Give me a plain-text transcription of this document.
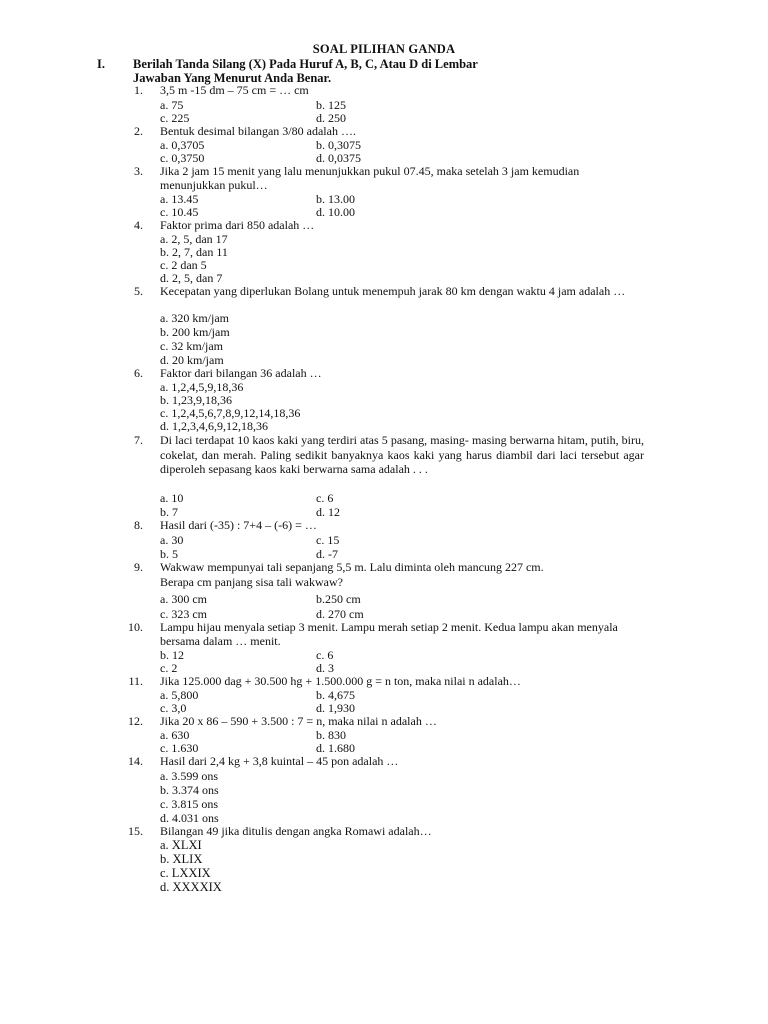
SOAL PILIHAN GANDA
I. Berilah Tanda Silang (X) Pada Huruf A, B, C, Atau D di Lembar
Jawaban Yang Menurut Anda Benar.
1. 3,5 m -15 dm – 75 cm = … cm
a. 75	b. 125
c. 225	d. 250
2. Bentuk desimal bilangan 3/80 adalah ….
a. 0,3705	b. 0,3075
c. 0,3750	d. 0,0375
3. Jika 2 jam 15 menit yang lalu menunjukkan pukul 07.45, maka setelah 3 jam kemudian menunjukkan pukul…
a. 13.45	b. 13.00
c. 10.45	d. 10.00
4. Faktor prima dari 850 adalah …
a. 2, 5, dan 17
b. 2, 7, dan 11
c. 2 dan 5
d. 2, 5, dan 7
5. Kecepatan yang diperlukan Bolang untuk menempuh jarak 80 km dengan waktu 4 jam adalah …
a. 320 km/jam
b. 200 km/jam
c. 32 km/jam
d. 20 km/jam
6. Faktor dari bilangan 36 adalah …
a. 1,2,4,5,9,18,36
b. 1,23,9,18,36
c. 1,2,4,5,6,7,8,9,12,14,18,36
d. 1,2,3,4,6,9,12,18,36
7. Di laci terdapat 10 kaos kaki yang terdiri atas 5 pasang, masing- masing berwarna hitam, putih, biru, cokelat, dan merah. Paling sedikit banyaknya kaos kaki yang harus diambil dari laci tersebut agar diperoleh sepasang kaos kaki berwarna sama adalah . . .
a. 10	c. 6
b. 7	d. 12
8. Hasil dari (-35) : 7+4 – (-6) = …
a. 30	c. 15
b. 5	d. -7
9. Wakwaw mempunyai tali sepanjang 5,5 m. Lalu diminta oleh mancung 227 cm.
Berapa cm panjang sisa tali wakwaw?
a. 300 cm	b.250 cm
c. 323 cm	d. 270 cm
10. Lampu hijau menyala setiap 3 menit. Lampu merah setiap 2 menit. Kedua lampu akan menyala bersama dalam … menit.
b. 12	c. 6
c. 2	d. 3
11. Jika 125.000 dag + 30.500 hg + 1.500.000 g = n ton, maka nilai n adalah…
a. 5,800	b. 4,675
c. 3,0	d. 1,930
12. Jika 20 x 86 – 590 + 3.500 : 7 = n, maka nilai n adalah …
a. 630	b. 830
c. 1.630	d. 1.680
14. Hasil dari 2,4 kg + 3,8 kuintal – 45 pon adalah …
a. 3.599 ons
b. 3.374 ons
c. 3.815 ons
d. 4.031 ons
15. Bilangan 49 jika ditulis dengan angka Romawi adalah…
a. XLXI
b. XLIX
c. LXXIX
d. XXXXIX
